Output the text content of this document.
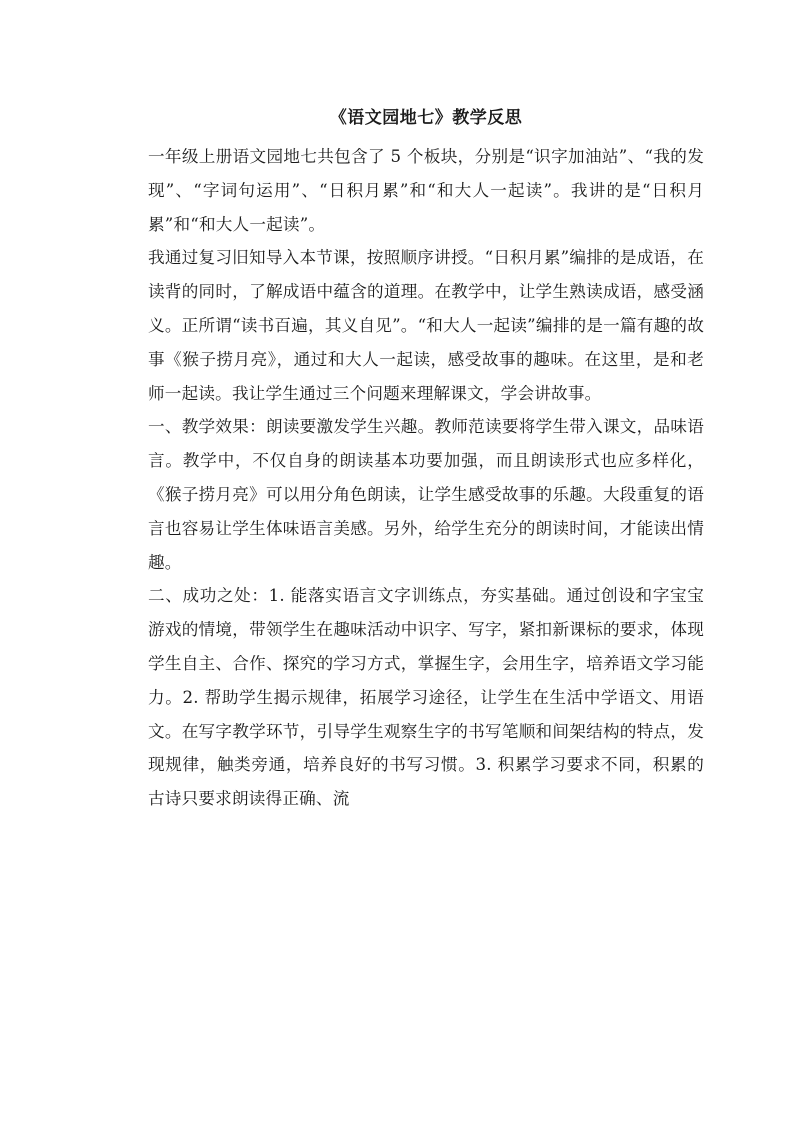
《语文园地七》教学反思

一年级上册语文园地七共包含了 5 个板块，分别是“识字加油站”、“我的发现”、“字词句运用”、“日积月累”和“和大人一起读”。我讲的是“日积月累”和“和大人一起读”。

我通过复习旧知导入本节课，按照顺序讲授。“日积月累”编排的是成语，在读背的同时，了解成语中蕴含的道理。在教学中，让学生熟读成语，感受涵义。正所谓“读书百遍，其义自见”。“和大人一起读”编排的是一篇有趣的故事《猴子捞月亮》，通过和大人一起读，感受故事的趣味。在这里，是和老师一起读。我让学生通过三个问题来理解课文，学会讲故事。

一、教学效果：朗读要激发学生兴趣。教师范读要将学生带入课文，品味语言。教学中，不仅自身的朗读基本功要加强，而且朗读形式也应多样化，《猴子捞月亮》可以用分角色朗读，让学生感受故事的乐趣。大段重复的语言也容易让学生体味语言美感。另外，给学生充分的朗读时间，才能读出情趣。

二、成功之处：1. 能落实语言文字训练点，夯实基础。通过创设和字宝宝游戏的情境，带领学生在趣味活动中识字、写字，紧扣新课标的要求，体现学生自主、合作、探究的学习方式，掌握生字，会用生字，培养语文学习能力。2. 帮助学生揭示规律，拓展学习途径，让学生在生活中学语文、用语文。在写字教学环节，引导学生观察生字的书写笔顺和间架结构的特点，发现规律，触类旁通，培养良好的书写习惯。3. 积累学习要求不同，积累的古诗只要求朗读得正确、流
